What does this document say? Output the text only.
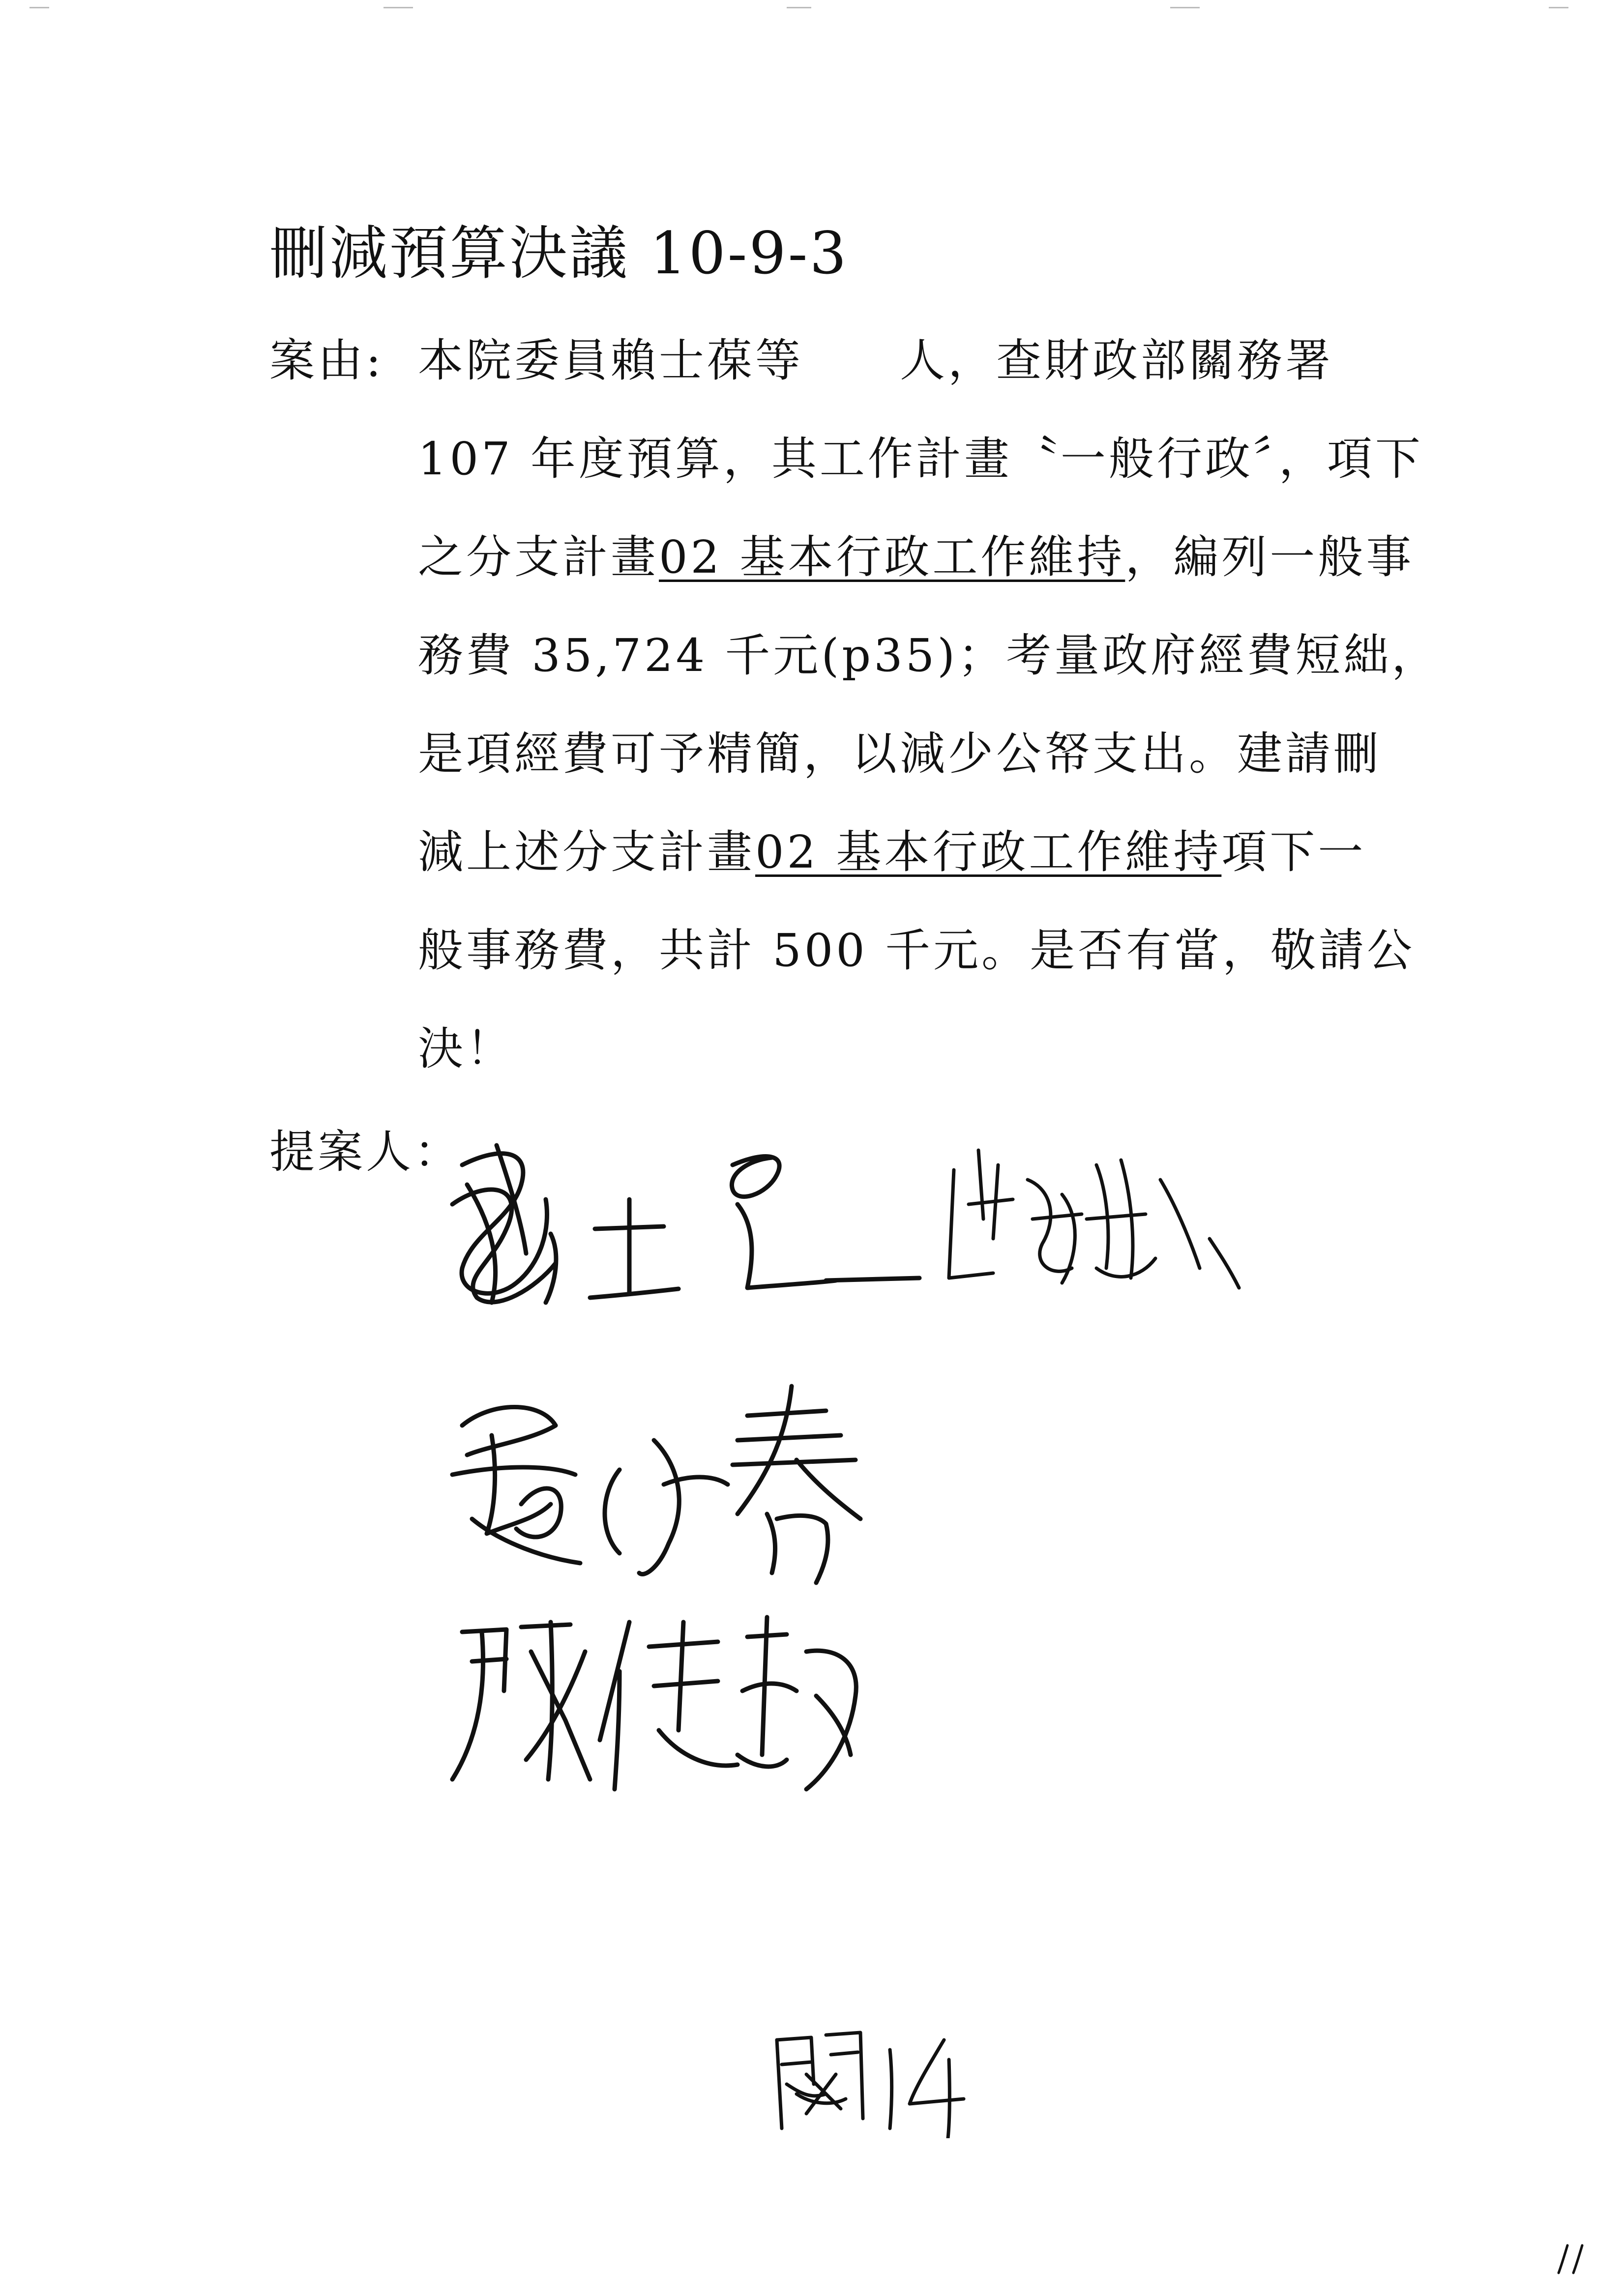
刪減預算決議 10-9-3
案由: 本院委員賴士葆等　　人，查財政部關務署
107 年度預算，其工作計畫〝一般行政〞，項下
之分支計畫02 基本行政工作維持，編列一般事
務費 35,724 千元(p35)；考量政府經費短絀，
是項經費可予精簡，以減少公帑支出。建請刪
減上述分支計畫02 基本行政工作維持項下一
般事務費，共計 500 千元。是否有當，敬請公
決！
提案人：
